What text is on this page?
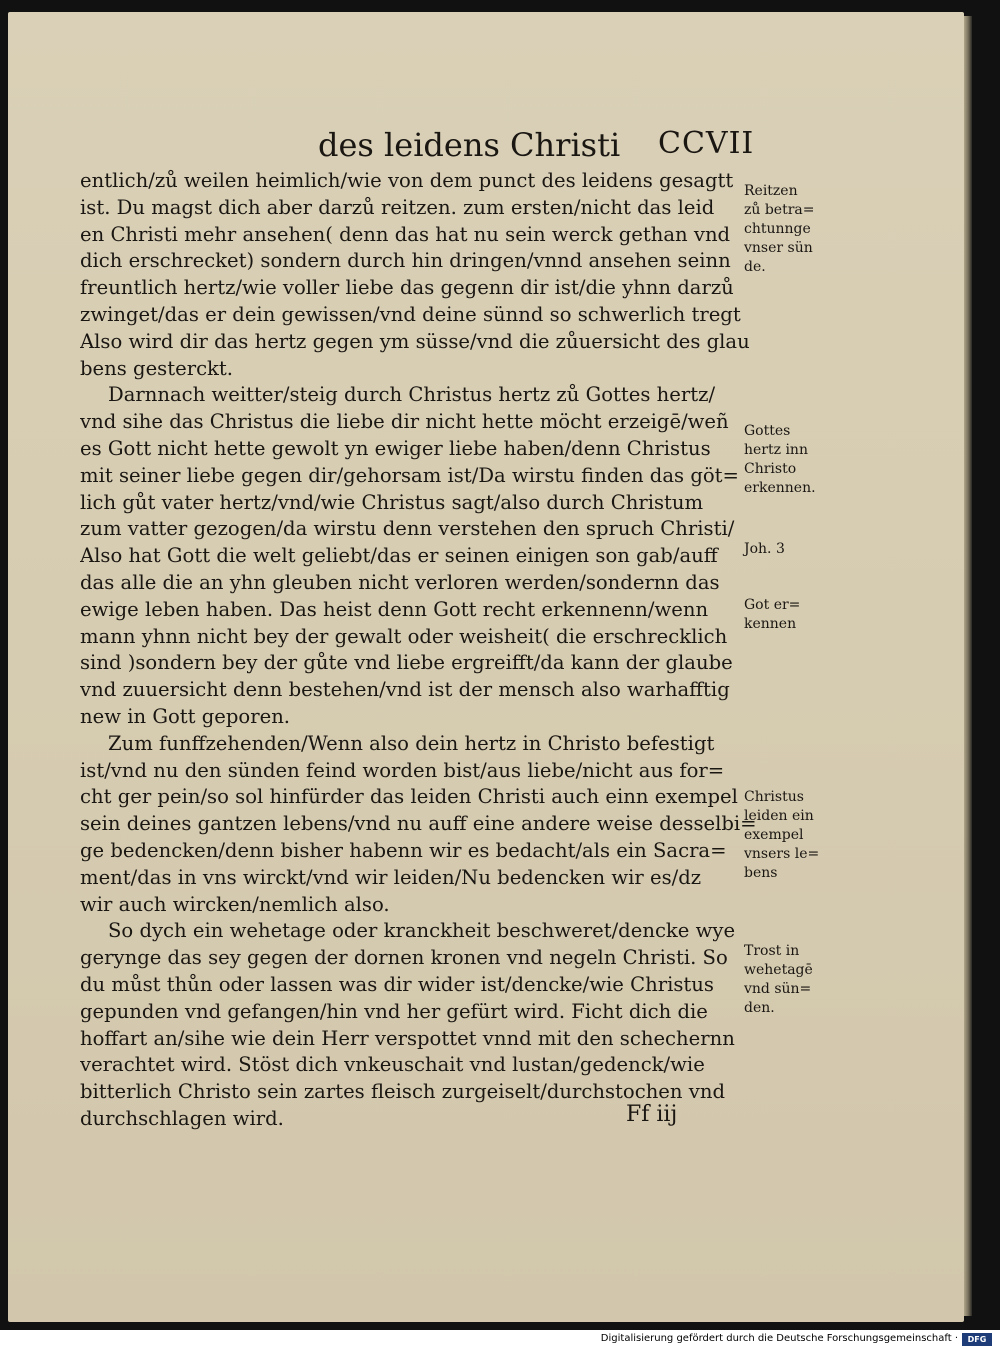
des leidens Christi CCVII
entlich/zů weilen heimlich/wie von dem punct des leidens gesagtt
ist. Du magst dich aber darzů reitzen. zum ersten/nicht das leid
en Christi mehr ansehen( denn das hat nu sein werck gethan vnd
dich erschrecket) sondern durch hin dringen/vnnd ansehen seinn
freuntlich hertz/wie voller liebe das gegenn dir ist/die yhnn darzů
zwinget/das er dein gewissen/vnd deine sünnd so schwerlich tregt
Also wird dir das hertz gegen ym süsse/vnd die zůuersicht des glau
bens gesterckt.
Darnnach weitter/steig durch Christus hertz zů Gottes hertz/
vnd sihe das Christus die liebe dir nicht hette möcht erzeigē/weñ
es Gott nicht hette gewolt yn ewiger liebe haben/denn Christus
mit seiner liebe gegen dir/gehorsam ist/Da wirstu finden das göt=
lich gůt vater hertz/vnd/wie Christus sagt/also durch Christum
zum vatter gezogen/da wirstu denn verstehen den spruch Christi/
Also hat Gott die welt geliebt/das er seinen einigen son gab/auff
das alle die an yhn gleuben nicht verloren werden/sondernn das
ewige leben haben. Das heist denn Gott recht erkennenn/wenn
mann yhnn nicht bey der gewalt oder weisheit( die erschrecklich
sind )sondern bey der gůte vnd liebe ergreifft/da kann der glaube
vnd zuuersicht denn bestehen/vnd ist der mensch also warhafftig
new in Gott geporen.
Zum funffzehenden/Wenn also dein hertz in Christo befestigt
ist/vnd nu den sünden feind worden bist/aus liebe/nicht aus for=
cht ger pein/so sol hinfürder das leiden Christi auch einn exempel
sein deines gantzen lebens/vnd nu auff eine andere weise desselbi=
ge bedencken/denn bisher habenn wir es bedacht/als ein Sacra=
ment/das in vns wirckt/vnd wir leiden/Nu bedencken wir es/dz
wir auch wircken/nemlich also.
So dych ein wehetage oder kranckheit beschweret/dencke wye
gerynge das sey gegen der dornen kronen vnd negeln Christi. So
du můst thůn oder lassen was dir wider ist/dencke/wie Christus
gepunden vnd gefangen/hin vnd her gefürt wird. Ficht dich die
hoffart an/sihe wie dein Herr verspottet vnnd mit den schechernn
verachtet wird. Stöst dich vnkeuschait vnd lustan/gedenck/wie
bitterlich Christo sein zartes fleisch zurgeiselt/durchstochen vnd
durchschlagen wird.
Reitzen
zů betra=
chtunnge
vnser sün
de.
Gottes
hertz inn
Christo
erkennen.
Joh. 3
Got er=
kennen
Christus
leiden ein
exempel
vnsers le=
bens
Trost in
wehetagē
vnd sün=
den.
Ff iij
Digitalisierung gefördert durch die Deutsche Forschungsgemeinschaft ·	DFG
